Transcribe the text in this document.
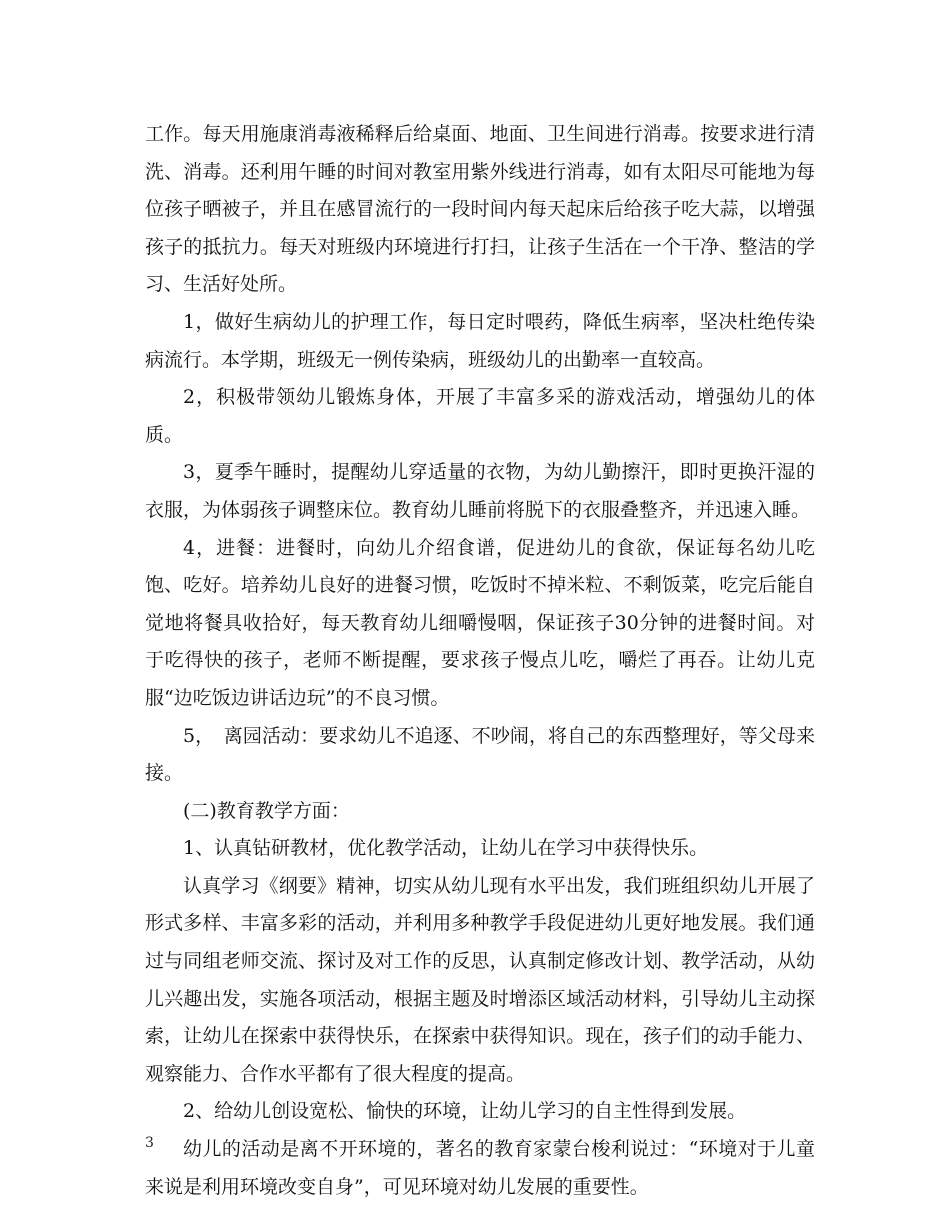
工作。每天用施康消毒液稀释后给桌面、地面、卫生间进行消毒。按要求进行清洗、消毒。还利用午睡的时间对教室用紫外线进行消毒，如有太阳尽可能地为每位孩子晒被子，并且在感冒流行的一段时间内每天起床后给孩子吃大蒜，以增强孩子的抵抗力。每天对班级内环境进行打扫，让孩子生活在一个干净、整洁的学习、生活好处所。

1，做好生病幼儿的护理工作，每日定时喂药，降低生病率，坚决杜绝传染病流行。本学期，班级无一例传染病，班级幼儿的出勤率一直较高。

2，积极带领幼儿锻炼身体，开展了丰富多采的游戏活动，增强幼儿的体质。

3，夏季午睡时，提醒幼儿穿适量的衣物，为幼儿勤擦汗，即时更换汗湿的衣服，为体弱孩子调整床位。教育幼儿睡前将脱下的衣服叠整齐，并迅速入睡。

4，进餐：进餐时，向幼儿介绍食谱，促进幼儿的食欲，保证每名幼儿吃饱、吃好。培养幼儿良好的进餐习惯，吃饭时不掉米粒、不剩饭菜，吃完后能自觉地将餐具收拾好，每天教育幼儿细嚼慢咽，保证孩子30分钟的进餐时间。对于吃得快的孩子，老师不断提醒，要求孩子慢点儿吃，嚼烂了再吞。让幼儿克服“边吃饭边讲话边玩”的不良习惯。

5，　离园活动：要求幼儿不追逐、不吵闹，将自己的东西整理好，等父母来接。

(二)教育教学方面：

1、认真钻研教材，优化教学活动，让幼儿在学习中获得快乐。

认真学习《纲要》精神，切实从幼儿现有水平出发，我们班组织幼儿开展了形式多样、丰富多彩的活动，并利用多种教学手段促进幼儿更好地发展。我们通过与同组老师交流、探讨及对工作的反思，认真制定修改计划、教学活动，从幼儿兴趣出发，实施各项活动，根据主题及时增添区域活动材料，引导幼儿主动探索，让幼儿在探索中获得快乐，在探索中获得知识。现在，孩子们的动手能力、观察能力、合作水平都有了很大程度的提高。

2、给幼儿创设宽松、愉快的环境，让幼儿学习的自主性得到发展。

幼儿的活动是离不开环境的，著名的教育家蒙台梭利说过：“环境对于儿童来说是利用环境改变自身”，可见环境对幼儿发展的重要性。

3
